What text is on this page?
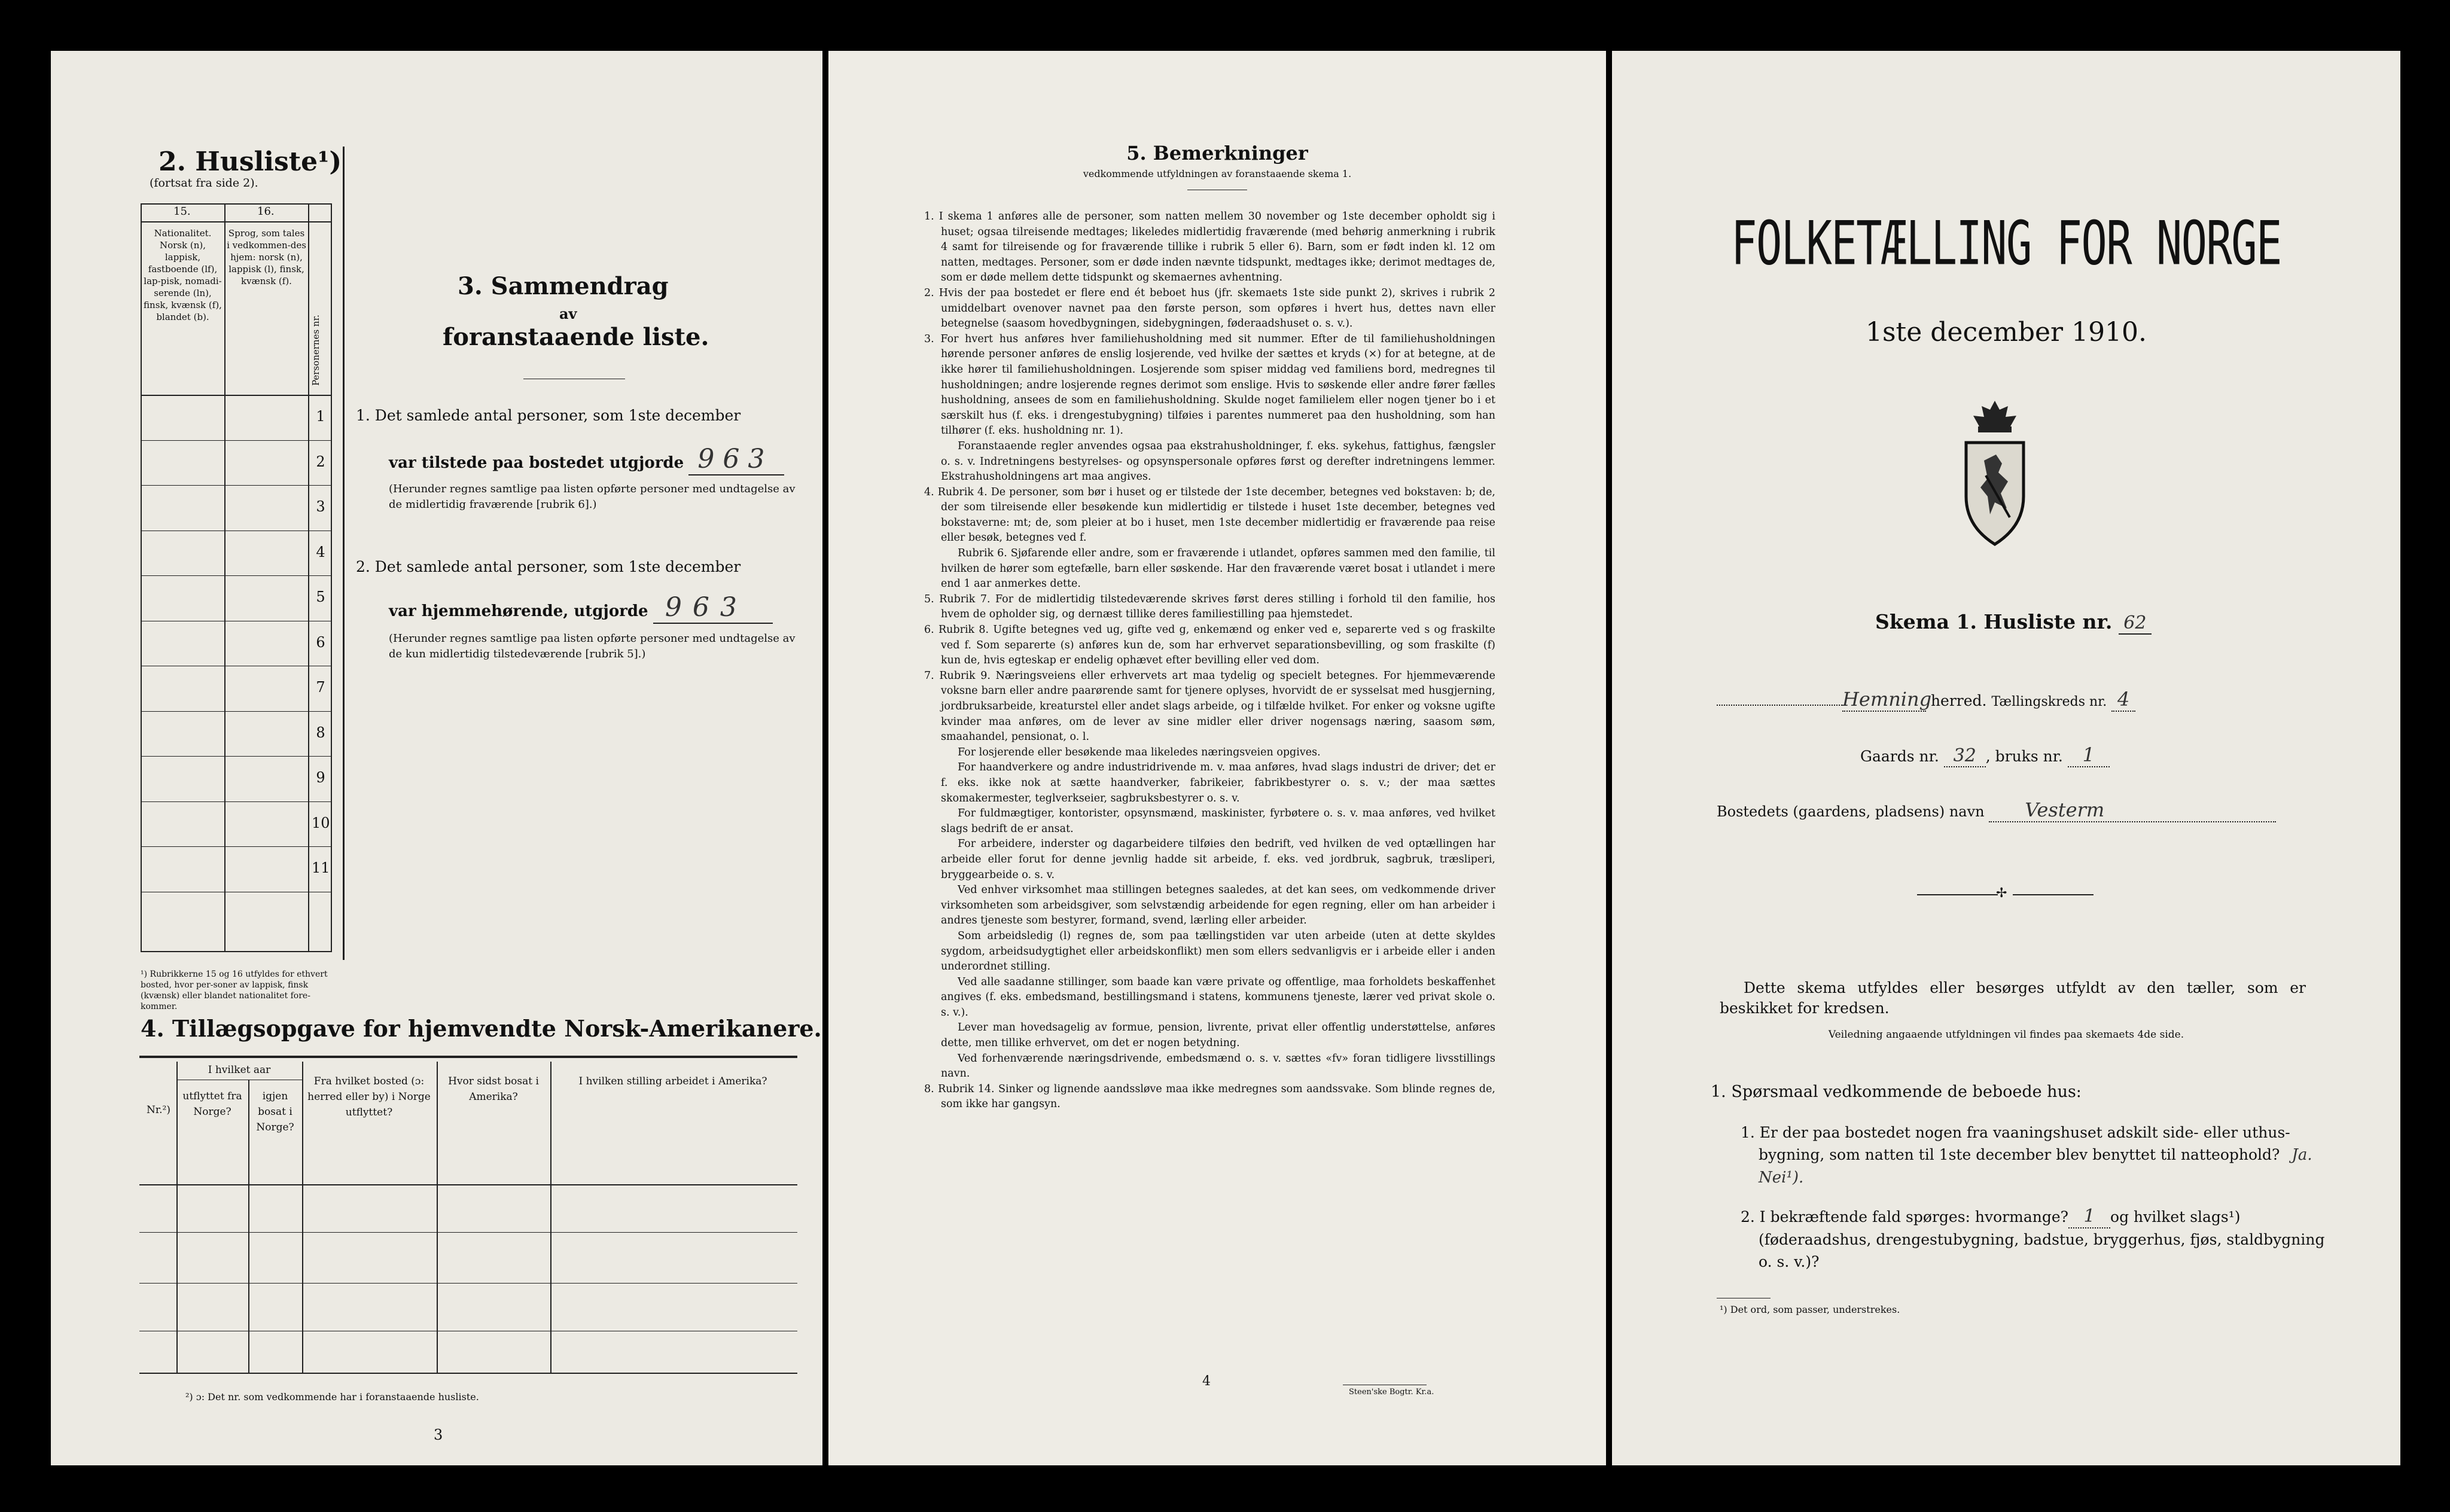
2. Husliste¹)
(fortsat fra side 2).
15.	16.
Nationalitet. Norsk (n), lappisk, fastboende (lf), lap-pisk, nomadi-serende (ln), finsk, kvænsk (f), blandet (b).
Sprog, som tales i vedkommen-des hjem: norsk (n), lappisk (l), finsk, kvænsk (f).
Personernes nr.
1
2
3
4
5
6
7
8
9
10
11
¹) Rubrikkerne 15 og 16 utfyldes for ethvert bosted, hvor per-soner av lappisk, finsk (kvænsk) eller blandet nationalitet fore-kommer.
3. Sammendrag
av
foranstaaende liste.
1. Det samlede antal personer, som 1ste december
var tilstede paa bostedet utgjorde 963
(Herunder regnes samtlige paa listen opførte personer med undtagelse av de midlertidig fraværende [rubrik 6].)
2. Det samlede antal personer, som 1ste december
var hjemmehørende, utgjorde 963
(Herunder regnes samtlige paa listen opførte personer med undtagelse av de kun midlertidig tilstedeværende [rubrik 5].)
4. Tillægsopgave for hjemvendte Norsk-Amerikanere.
Nr.²)
I hvilket aar
utflyttet fra Norge?
igjen bosat i Norge?
Fra hvilket bosted (ɔ: herred eller by) i Norge utflyttet?
Hvor sidst bosat i Amerika?
I hvilken stilling arbeidet i Amerika?
²) ɔ: Det nr. som vedkommende har i foranstaaende husliste.
3
5. Bemerkninger
vedkommende utfyldningen av foranstaaende skema 1.

1. I skema 1 anføres alle de personer, som natten mellem 30 november og 1ste december opholdt sig i huset; ogsaa tilreisende medtages; likeledes midlertidig fraværende (med behørig anmerkning i rubrik 4 samt for tilreisende og for fraværende tillike i rubrik 5 eller 6). Barn, som er født inden kl. 12 om natten, medtages. Personer, som er døde inden nævnte tidspunkt, medtages ikke; derimot medtages de, som er døde mellem dette tidspunkt og skemaernes avhentning.

2. Hvis der paa bostedet er flere end ét beboet hus (jfr. skemaets 1ste side punkt 2), skrives i rubrik 2 umiddelbart ovenover navnet paa den første person, som opføres i hvert hus, dettes navn eller betegnelse (saasom hovedbygningen, sidebygningen, føderaadshuset o. s. v.).

3. For hvert hus anføres hver familiehusholdning med sit nummer. Efter de til familiehusholdningen hørende personer anføres de enslig losjerende, ved hvilke der sættes et kryds (×) for at betegne, at de ikke hører til familiehusholdningen. Losjerende som spiser middag ved familiens bord, medregnes til husholdningen; andre losjerende regnes derimot som enslige. Hvis to søskende eller andre fører fælles husholdning, ansees de som en familiehusholdning. Skulde noget familielem eller nogen tjener bo i et særskilt hus (f. eks. i drengestubygning) tilføies i parentes nummeret paa den husholdning, som han tilhører (f. eks. husholdning nr. 1).

Foranstaaende regler anvendes ogsaa paa ekstrahusholdninger, f. eks. sykehus, fattighus, fængsler o. s. v. Indretningens bestyrelses- og opsynspersonale opføres først og derefter indretningens lemmer. Ekstrahusholdningens art maa angives.

4. Rubrik 4. De personer, som bør i huset og er tilstede der 1ste december, betegnes ved bokstaven: b; de, der som tilreisende eller besøkende kun midlertidig er tilstede i huset 1ste december, betegnes ved bokstaverne: mt; de, som pleier at bo i huset, men 1ste december midlertidig er fraværende paa reise eller besøk, betegnes ved f.

Rubrik 6. Sjøfarende eller andre, som er fraværende i utlandet, opføres sammen med den familie, til hvilken de hører som egtefælle, barn eller søskende. Har den fraværende været bosat i utlandet i mere end 1 aar anmerkes dette.

5. Rubrik 7. For de midlertidig tilstedeværende skrives først deres stilling i forhold til den familie, hos hvem de opholder sig, og dernæst tillike deres familiestilling paa hjemstedet.

6. Rubrik 8. Ugifte betegnes ved ug, gifte ved g, enkemænd og enker ved e, separerte ved s og fraskilte ved f. Som separerte (s) anføres kun de, som har erhvervet separationsbevilling, og som fraskilte (f) kun de, hvis egteskap er endelig ophævet efter bevilling eller ved dom.

7. Rubrik 9. Næringsveiens eller erhvervets art maa tydelig og specielt betegnes. For hjemmeværende voksne barn eller andre paarørende samt for tjenere oplyses, hvorvidt de er sysselsat med husgjerning, jordbruksarbeide, kreaturstel eller andet slags arbeide, og i tilfælde hvilket. For enker og voksne ugifte kvinder maa anføres, om de lever av sine midler eller driver nogensags næring, saasom søm, smaahandel, pensionat, o. l.

For losjerende eller besøkende maa likeledes næringsveien opgives.

For haandverkere og andre industridrivende m. v. maa anføres, hvad slags industri de driver; det er f. eks. ikke nok at sætte haandverker, fabrikeier, fabrikbestyrer o. s. v.; der maa sættes skomakermester, teglverkseier, sagbruksbestyrer o. s. v.

For fuldmægtiger, kontorister, opsynsmænd, maskinister, fyrbøtere o. s. v. maa anføres, ved hvilket slags bedrift de er ansat.

For arbeidere, inderster og dagarbeidere tilføies den bedrift, ved hvilken de ved optællingen har arbeide eller forut for denne jevnlig hadde sit arbeide, f. eks. ved jordbruk, sagbruk, træsliperi, bryggearbeide o. s. v.

Ved enhver virksomhet maa stillingen betegnes saaledes, at det kan sees, om vedkommende driver virksomheten som arbeidsgiver, som selvstændig arbeidende for egen regning, eller om han arbeider i andres tjeneste som bestyrer, formand, svend, lærling eller arbeider.

Som arbeidsledig (l) regnes de, som paa tællingstiden var uten arbeide (uten at dette skyldes sygdom, arbeidsudygtighet eller arbeidskonflikt) men som ellers sedvanligvis er i arbeide eller i anden underordnet stilling.

Ved alle saadanne stillinger, som baade kan være private og offentlige, maa forholdets beskaffenhet angives (f. eks. embedsmand, bestillingsmand i statens, kommunens tjeneste, lærer ved privat skole o. s. v.).

Lever man hovedsagelig av formue, pension, livrente, privat eller offentlig understøttelse, anføres dette, men tillike erhvervet, om det er nogen betydning.

Ved forhenværende næringsdrivende, embedsmænd o. s. v. sættes «fv» foran tidligere livsstillings navn.

8. Rubrik 14. Sinker og lignende aandssløve maa ikke medregnes som aandssvake. Som blinde regnes de, som ikke har gangsyn.

4
Steen'ske Bogtr. Kr.a.
FOLKETÆLLING FOR NORGE
1ste december 1910.
Skema 1. Husliste nr. 62
Hemning herred. Tællingskreds nr. 4
Gaards nr. 32 , bruks nr. 1
Bostedets (gaardens, pladsens) navn Vesterm
✢
Dette skema utfyldes eller besørges utfyldt av den tæller, som er beskikket for kredsen.
Veiledning angaaende utfyldningen vil findes paa skemaets 4de side.
1. Spørsmaal vedkommende de beboede hus:
1. Er der paa bostedet nogen fra vaaningshuset adskilt side- eller uthus-bygning, som natten til 1ste december blev benyttet til natteophold? Ja. Nei¹).
2. I bekræftende fald spørges: hvormange? 1 og hvilket slags¹) (føderaadshus, drengestubygning, badstue, bryggerhus, fjøs, staldbygning o. s. v.)?
¹) Det ord, som passer, understrekes.
